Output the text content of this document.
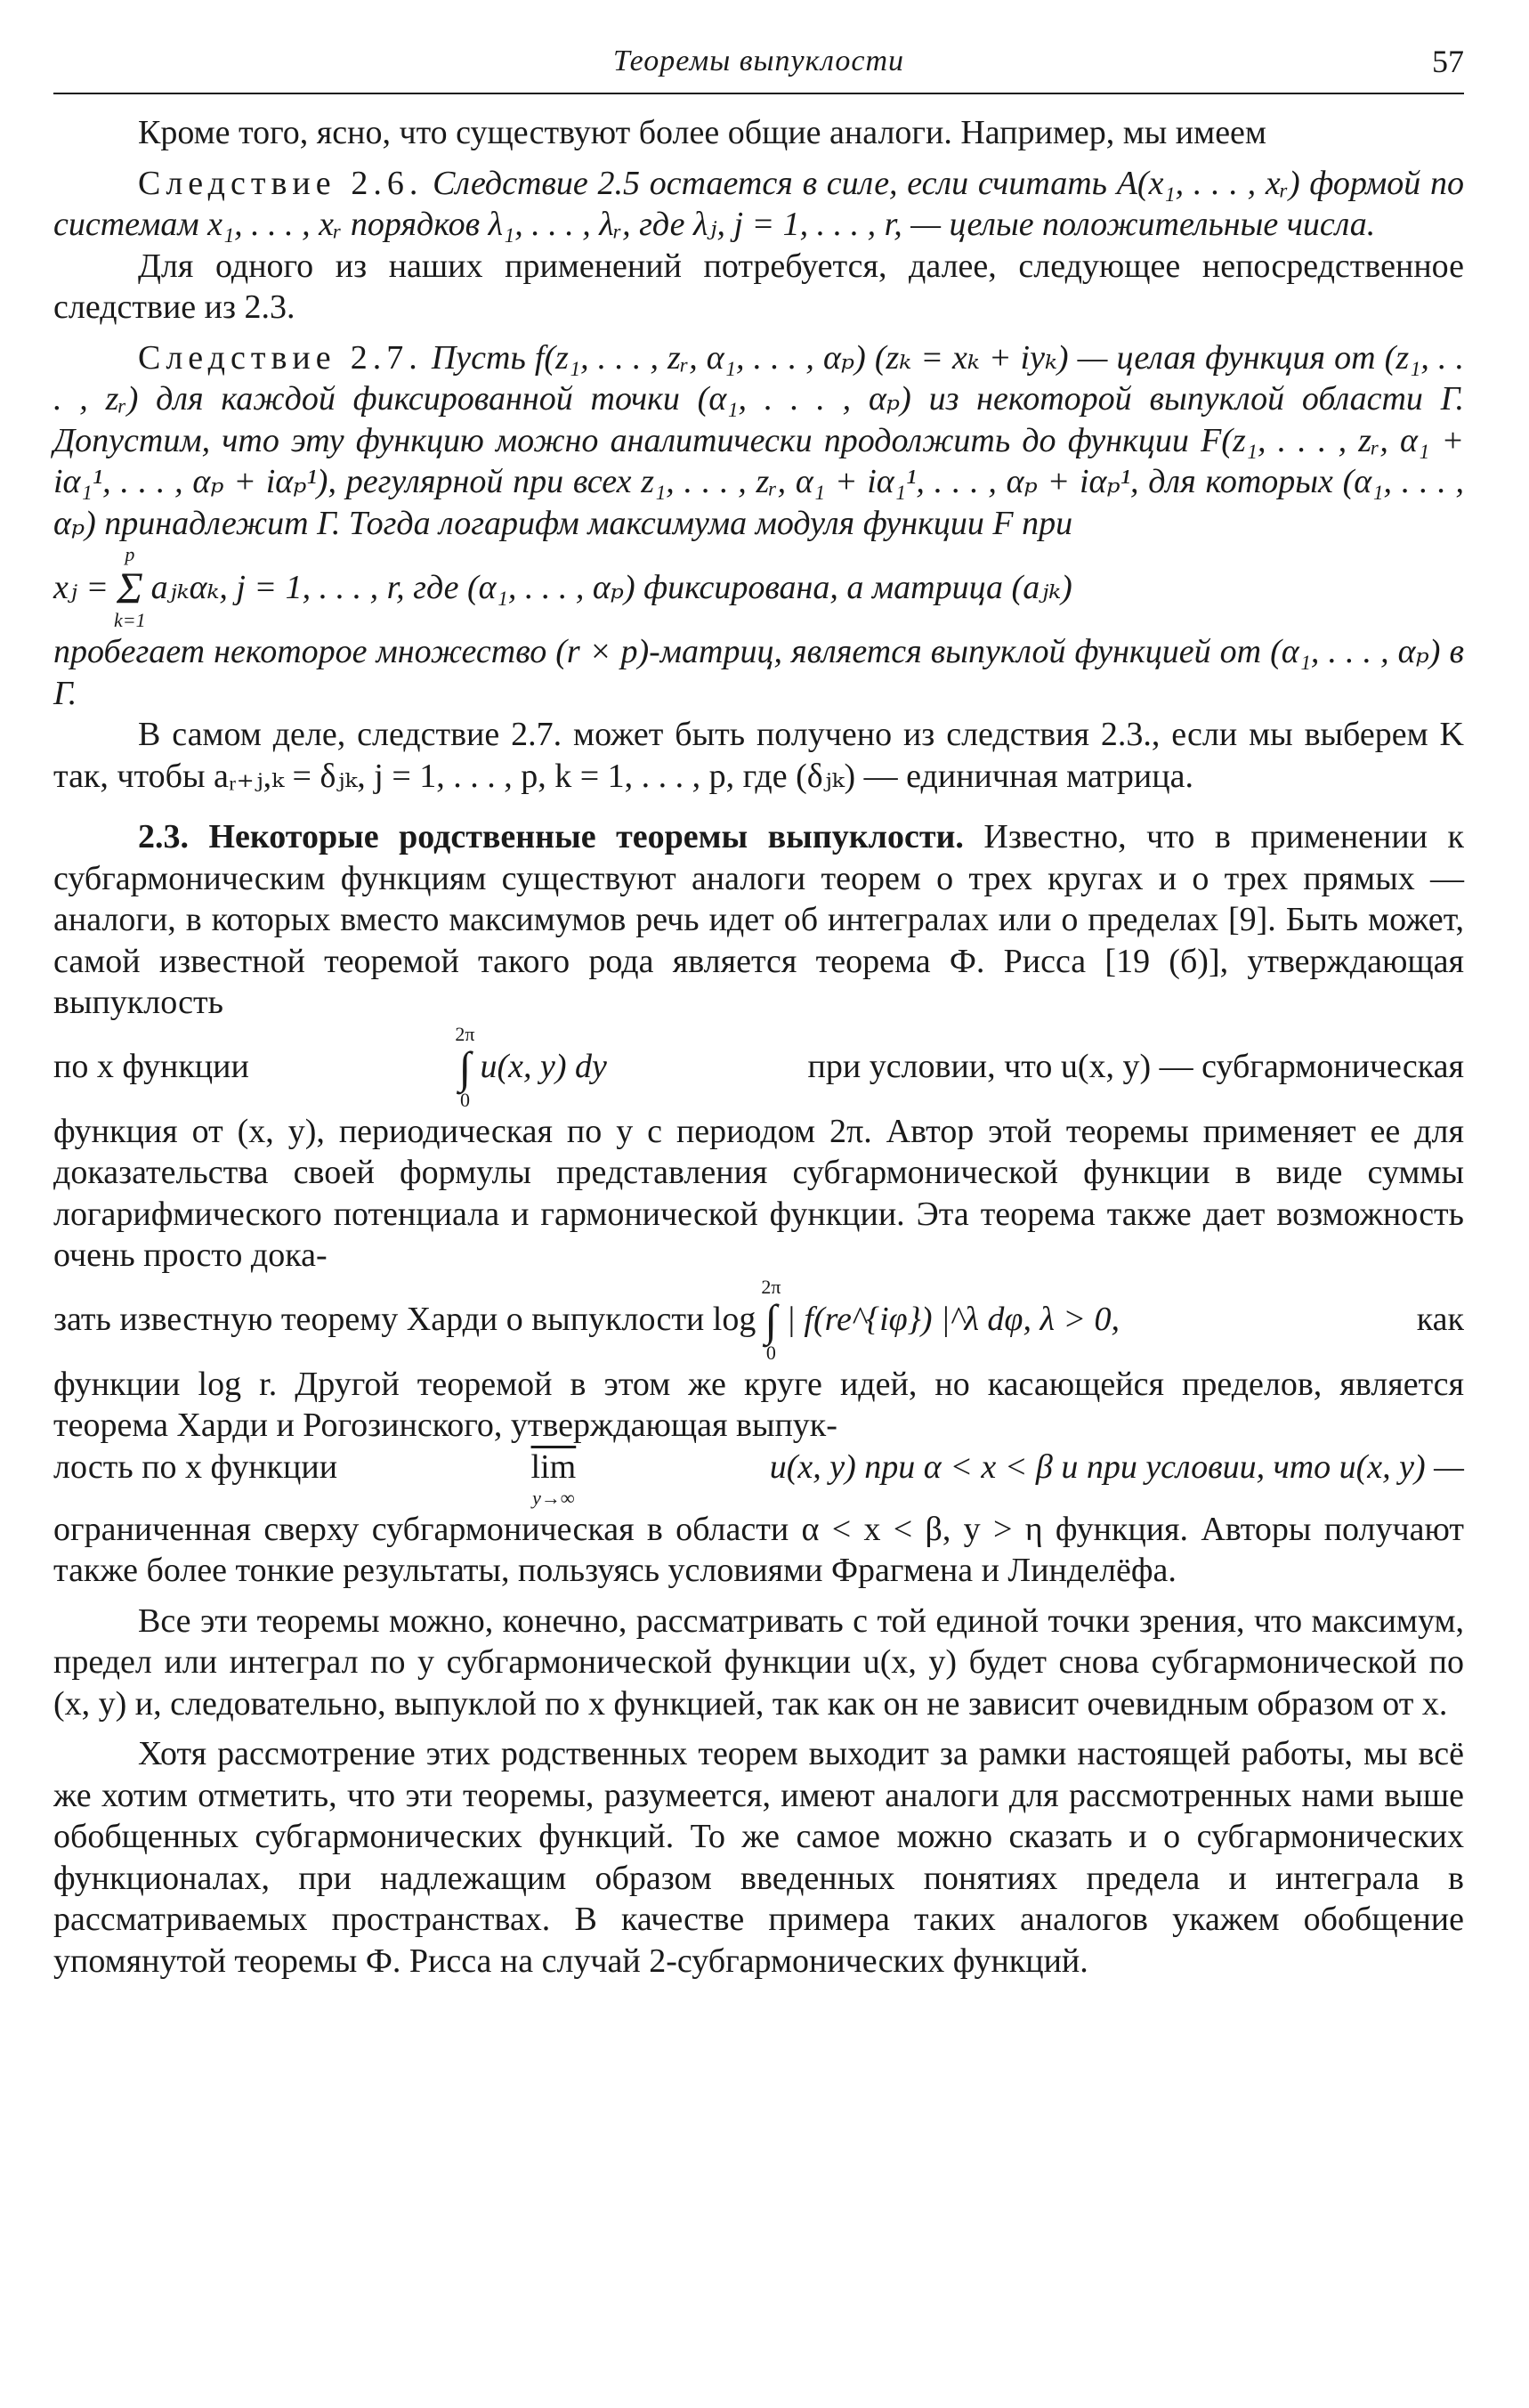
Теоремы выпуклости	57

Кроме того, ясно, что существуют более общие аналоги. Например, мы имеем

Следствие 2.6. Следствие 2.5 остается в силе, если считать A(x₁, . . . , xᵣ) формой по системам x₁, . . . , xᵣ порядков λ₁, . . . , λᵣ, где λⱼ, j = 1, . . . , r, — целые положительные числа.

Для одного из наших применений потребуется, далее, следующее непосредственное следствие из 2.3.

Следствие 2.7. Пусть f(z₁, . . . , zᵣ, α₁, . . . , αₚ) (zₖ = xₖ + iyₖ) — целая функция от (z₁, . . . , zᵣ) для каждой фиксированной точки (α₁, . . . , αₚ) из некоторой выпуклой области Γ. Допустим, что эту функцию можно аналитически продолжить до функции F(z₁, . . . , zᵣ, α₁ + iα₁¹, . . . , αₚ + iαₚ¹), регулярной при всех z₁, . . . , zᵣ, α₁ + iα₁¹, . . . , αₚ + iαₚ¹, для которых (α₁, . . . , αₚ) принадлежит Γ. Тогда логарифм максимума модуля функции F при

xⱼ =
p
Σ
k=1
aⱼₖαₖ, j = 1, . . . , r, где (α₁, . . . , αₚ) фиксирована, а матрица (aⱼₖ)

пробегает некоторое множество (r × p)-матриц, является выпуклой функцией от (α₁, . . . , αₚ) в Γ.

В самом деле, следствие 2.7. может быть получено из следствия 2.3., если мы выберем K так, чтобы aᵣ₊ⱼ,ₖ = δⱼₖ, j = 1, . . . , p, k = 1, . . . , p, где (δⱼₖ) — единичная матрица.

2.3. Некоторые родственные теоремы выпуклости. Известно, что в применении к субгармоническим функциям существуют аналоги теорем о трех кругах и о трех прямых — аналоги, в которых вместо максимумов речь идет об интегралах или о пределах [9]. Быть может, самой известной теоремой такого рода является теорема Ф. Рисса [19 (б)], утверждающая выпуклость

по x функции
2π
∫
0
u(x, y) dy	при условии, что u(x, y) — субгармоническая

функция от (x, y), периодическая по y с периодом 2π. Автор этой теоремы применяет ее для доказательства своей формулы представления субгармонической функции в виде суммы логарифмического потенциала и гармонической функции. Эта теорема также дает возможность очень просто дока-

зать известную теорему Харди о выпуклости log
2π
∫
0
| f(re^{iφ}) |^λ dφ, λ > 0,	как

функции log r. Другой теоремой в этом же круге идей, но касающейся пределов, является теорема Харди и Рогозинского, утверждающая выпук-

лость по x функции	$\overline{lim}$
y→∞
u(x, y) при α < x < β и при условии, что u(x, y) —

ограниченная сверху субгармоническая в области α < x < β, y > η функция. Авторы получают также более тонкие результаты, пользуясь условиями Фрагмена и Линделёфа.

Все эти теоремы можно, конечно, рассматривать с той единой точки зрения, что максимум, предел или интеграл по y субгармонической функции u(x, y) будет снова субгармонической по (x, y) и, следовательно, выпуклой по x функцией, так как он не зависит очевидным образом от x.

Хотя рассмотрение этих родственных теорем выходит за рамки настоящей работы, мы всё же хотим отметить, что эти теоремы, разумеется, имеют аналоги для рассмотренных нами выше обобщенных субгармонических функций. То же самое можно сказать и о субгармонических функционалах, при надлежащим образом введенных понятиях предела и интеграла в рассматриваемых пространствах. В качестве примера таких аналогов укажем обобщение упомянутой теоремы Ф. Рисса на случай 2-субгармонических функций.
